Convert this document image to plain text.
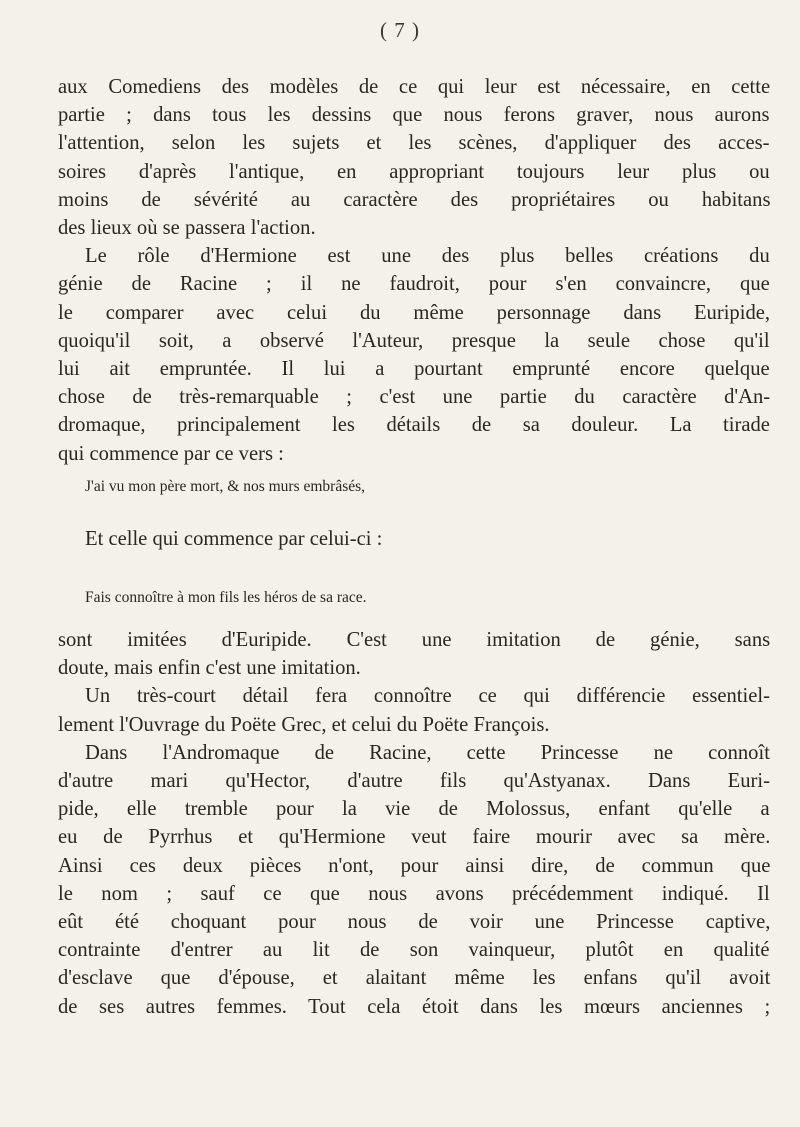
( 7 )
aux Comediens des modèles de ce qui leur est nécessaire, en cette
partie ; dans tous les dessins que nous ferons graver, nous aurons
l'attention, selon les sujets et les scènes, d'appliquer des acces-
soires d'après l'antique, en appropriant toujours leur plus ou
moins de sévérité au caractère des propriétaires ou habitans
des lieux où se passera l'action.
Le rôle d'Hermione est une des plus belles créations du
génie de Racine ; il ne faudroit, pour s'en convaincre, que
le comparer avec celui du même personnage dans Euripide,
quoiqu'il soit, a observé l'Auteur, presque la seule chose qu'il
lui ait empruntée. Il lui a pourtant emprunté encore quelque
chose de très-remarquable ; c'est une partie du caractère d'An-
dromaque, principalement les détails de sa douleur. La tirade
qui commence par ce vers :
J'ai vu mon père mort, & nos murs embrâsés,
Et celle qui commence par celui-ci :
Fais connoître à mon fils les héros de sa race.
sont imitées d'Euripide. C'est une imitation de génie, sans
doute, mais enfin c'est une imitation.
Un très-court détail fera connoître ce qui différencie essentiel-
lement l'Ouvrage du Poëte Grec, et celui du Poëte François.
Dans l'Andromaque de Racine, cette Princesse ne connoît
d'autre mari qu'Hector, d'autre fils qu'Astyanax. Dans Euri-
pide, elle tremble pour la vie de Molossus, enfant qu'elle a
eu de Pyrrhus et qu'Hermione veut faire mourir avec sa mère.
Ainsi ces deux pièces n'ont, pour ainsi dire, de commun que
le nom ; sauf ce que nous avons précédemment indiqué. Il
eût été choquant pour nous de voir une Princesse captive,
contrainte d'entrer au lit de son vainqueur, plutôt en qualité
d'esclave que d'épouse, et alaitant même les enfans qu'il avoit
de ses autres femmes. Tout cela étoit dans les mœurs anciennes ;
